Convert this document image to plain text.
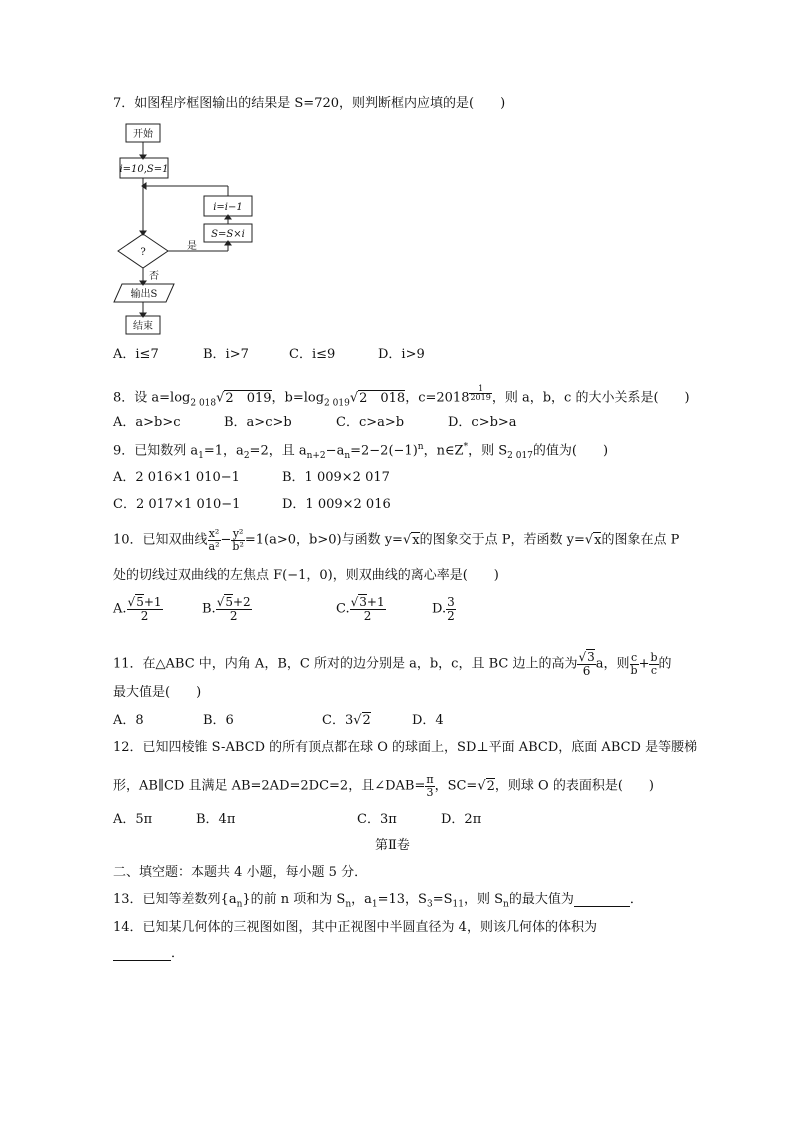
7．如图程序框图输出的结果是 S=720，则判断框内应填的是(　　)
开始
i=10,S=1
i=i−1
S=S×i
?
是
否
输出S
结束
A．i≤7	B．i>7	C．i≤9	D．i>9
8．设 $a=\log_{2 018}√2$　019，$b=\log_{2 019}√2$　018，c=2018 $^{\frac{1}{2019}}$ ，则 a，b，c 的大小关系是(　　)
A．a>b>c	B．a>c>b	C．c>a>b	D．c>b>a
9．已知数列 $a_1=1$，$a_2=2$，且 $a_{n+2}-a_n=2-2(-1)^n$，n∈Z*，则 $S_{2 017}$的值为(　　)
A．2 016×1 010−1	B．1 009×2 017
C．2 017×1 010−1	D．1 009×2 016
10．已知双曲线 $\frac{\text{x²}}{\text{a²}} - \frac{\text{y²}}{\text{b²}} =1(a>0$，b>0)与函数 y=√x的图象交于点 P，若函数 y=√x的图象在点 P
处的切线过双曲线的左焦点 F(−1，0)，则双曲线的离心率是(　　)
A. $\frac{√5+1}{2}$	B. $\frac{√5+2}{2}$	C. $\frac{√3+1}{2}$	D. $\frac{3}{2}$
11．在△ABC 中，内角 A，B，C 所对的边分别是 a，b，c，且 BC 边上的高为 $\frac{√3}{6}$ a，则 $\frac{c}{b} + \frac{b}{c}$ 的
最大值是(　　)
A．8	B．6	C．3√2	D．4
12．已知四棱锥 S-ABCD 的所有顶点都在球 O 的球面上，SD⊥平面 ABCD，底面 ABCD 是等腰梯
形，AB∥CD 且满足 AB=2AD=2DC=2，且∠DAB= $\frac{\pi}{3}$ ，SC=√2，则球 O 的表面积是(　　)
A．5π	B．4π	C．3π	D．2π
第Ⅱ卷
二、填空题：本题共 4 小题，每小题 5 分．
13．已知等差数列$\{a_n\}$的前 n 项和为 $S_n$，$a_1=13$，$S_3=S_{11}$，则 $S_n$的最大值为	．
14．已知某几何体的三视图如图，其中正视图中半圆直径为 4，则该几何体的体积为
．
